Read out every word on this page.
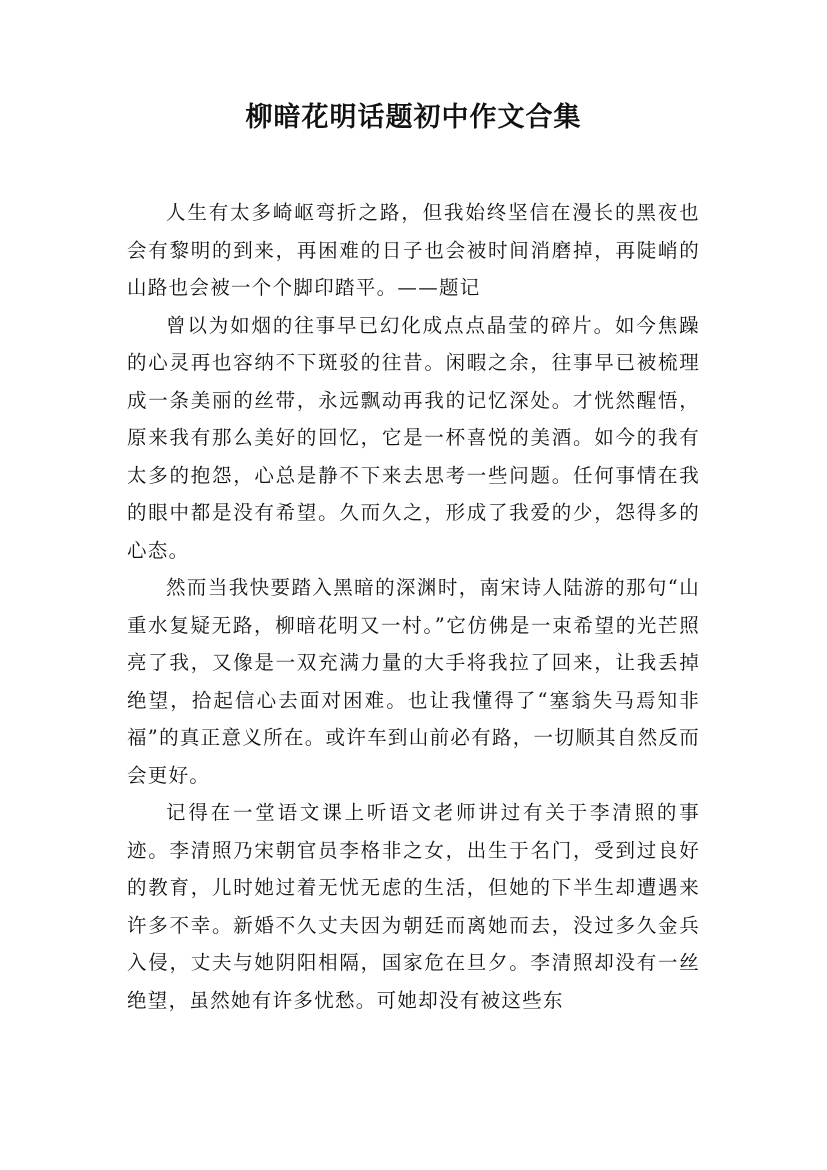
柳暗花明话题初中作文合集

人生有太多崎岖弯折之路，但我始终坚信在漫长的黑夜也会有黎明的到来，再困难的日子也会被时间消磨掉，再陡峭的山路也会被一个个脚印踏平。——题记

曾以为如烟的往事早已幻化成点点晶莹的碎片。如今焦躁的心灵再也容纳不下斑驳的往昔。闲暇之余，往事早已被梳理成一条美丽的丝带，永远飘动再我的记忆深处。才恍然醒悟，原来我有那么美好的回忆，它是一杯喜悦的美酒。如今的我有太多的抱怨，心总是静不下来去思考一些问题。任何事情在我的眼中都是没有希望。久而久之，形成了我爱的少，怨得多的心态。

然而当我快要踏入黑暗的深渊时，南宋诗人陆游的那句“山重水复疑无路，柳暗花明又一村。”它仿佛是一束希望的光芒照亮了我，又像是一双充满力量的大手将我拉了回来，让我丢掉绝望，拾起信心去面对困难。也让我懂得了“塞翁失马焉知非福”的真正意义所在。或许车到山前必有路，一切顺其自然反而会更好。

记得在一堂语文课上听语文老师讲过有关于李清照的事迹。李清照乃宋朝官员李格非之女，出生于名门，受到过良好的教育，儿时她过着无忧无虑的生活，但她的下半生却遭遇来许多不幸。新婚不久丈夫因为朝廷而离她而去，没过多久金兵入侵，丈夫与她阴阳相隔，国家危在旦夕。李清照却没有一丝绝望，虽然她有许多忧愁。可她却没有被这些东
